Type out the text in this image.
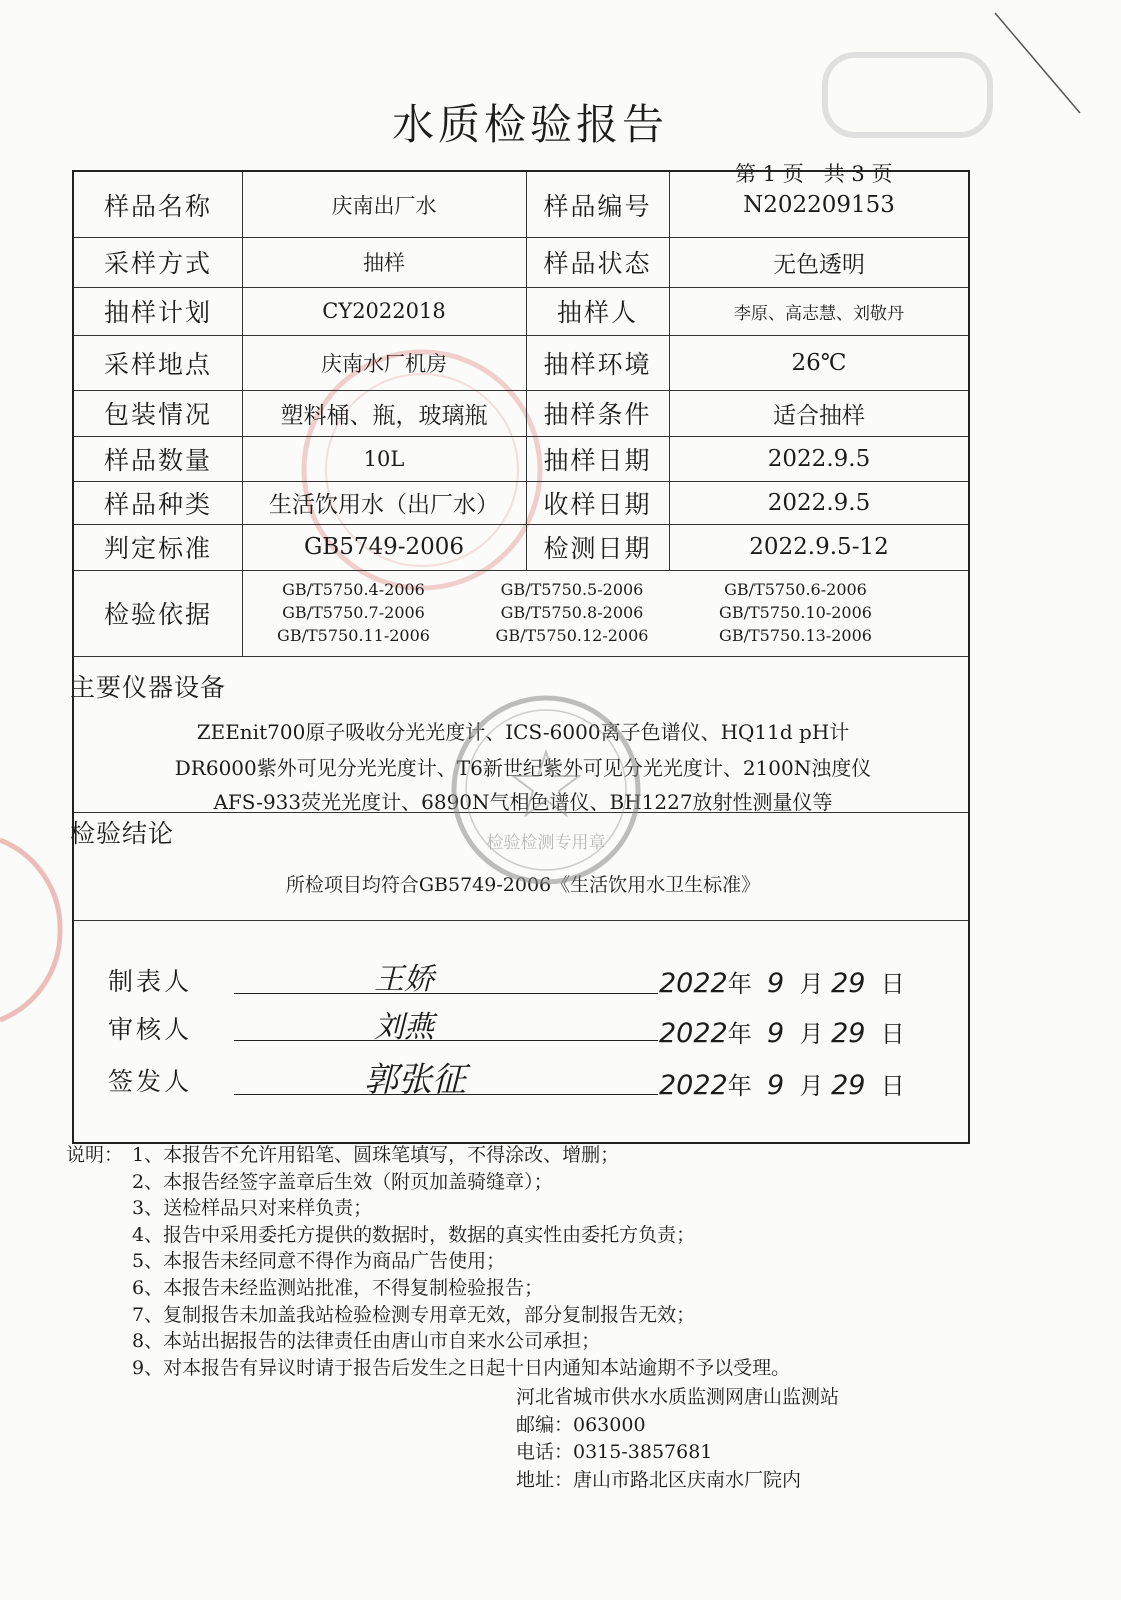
水质检验报告
第 1 页   共 3 页
样品名称	庆南出厂水	样品编号	N202209153
采样方式	抽样	样品状态	无色透明
抽样计划	CY2022018	抽样人	李原、高志慧、刘敬丹
采样地点	庆南水厂机房	抽样环境	26℃
包装情况	塑料桶、瓶，玻璃瓶	抽样条件	适合抽样
样品数量	10L	抽样日期	2022.9.5
样品种类	生活饮用水（出厂水）	收样日期	2022.9.5
判定标准	GB5749-2006	检测日期	2022.9.5-12
检验依据
GB/T5750.4-2006	GB/T5750.5-2006	GB/T5750.6-2006
GB/T5750.7-2006	GB/T5750.8-2006	GB/T5750.10-2006
GB/T5750.11-2006	GB/T5750.12-2006	GB/T5750.13-2006
主要仪器设备
ZEEnit700原子吸收分光光度计、ICS-6000离子色谱仪、HQ11d pH计
DR6000紫外可见分光光度计、T6新世纪紫外可见分光光度计、2100N浊度仪
AFS-933荧光光度计、6890N气相色谱仪、BH1227放射性测量仪等
检验结论
所检项目均符合GB5749-2006《生活饮用水卫生标准》
制表人	王娇	2022年 9 月 29 日
审核人	刘燕	2022年 9 月 29 日
签发人	郭张征	2022年 9 月 29 日
检验检测专用章
说明： 1、本报告不允许用铅笔、圆珠笔填写，不得涂改、增删；
2、本报告经签字盖章后生效（附页加盖骑缝章）；
3、送检样品只对来样负责；
4、报告中采用委托方提供的数据时，数据的真实性由委托方负责；
5、本报告未经同意不得作为商品广告使用；
6、本报告未经监测站批准，不得复制检验报告；
7、复制报告未加盖我站检验检测专用章无效，部分复制报告无效；
8、本站出据报告的法律责任由唐山市自来水公司承担；
9、对本报告有异议时请于报告后发生之日起十日内通知本站逾期不予以受理。
河北省城市供水水质监测网唐山监测站
邮编：063000
电话：0315-3857681
地址：唐山市路北区庆南水厂院内
